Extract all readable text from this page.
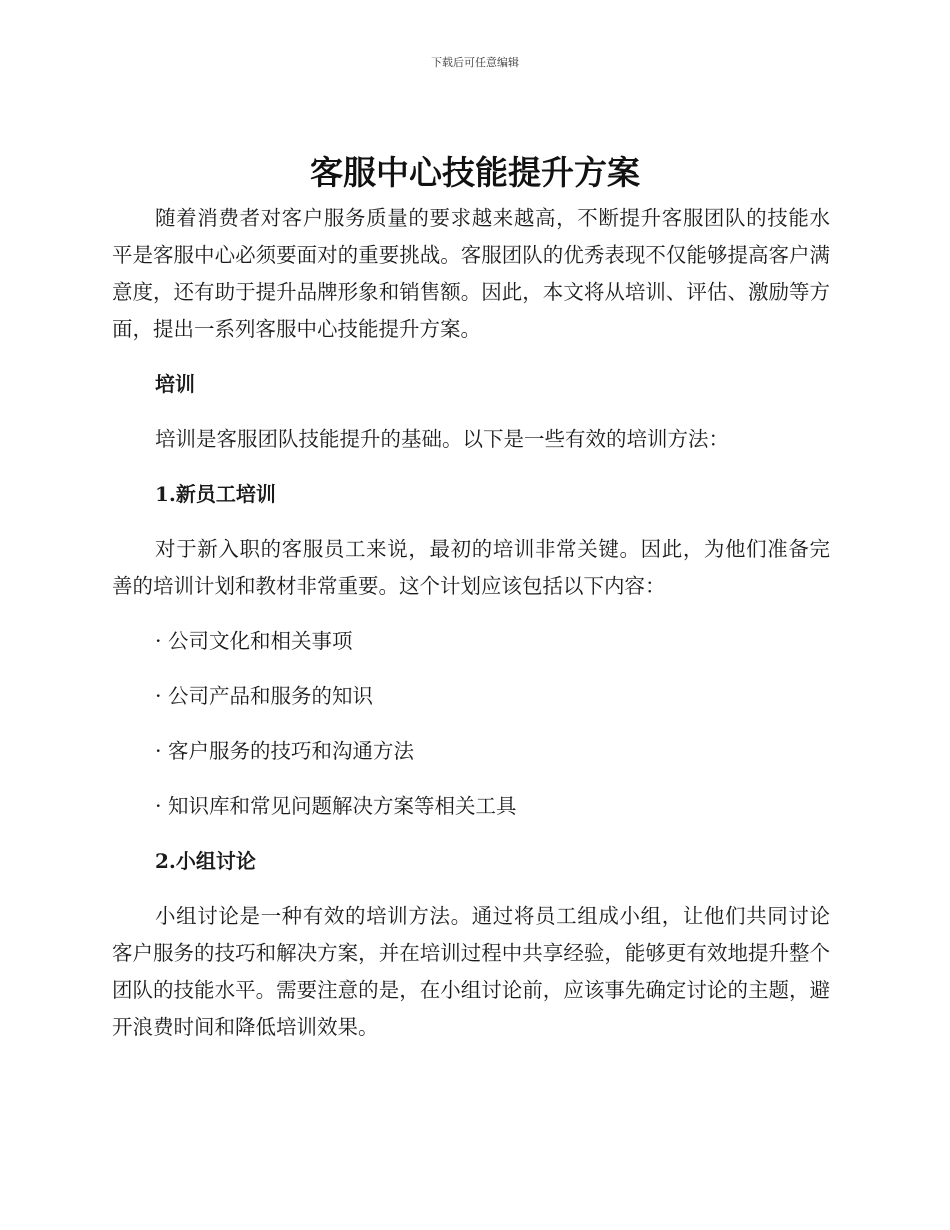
下载后可任意编辑
客服中心技能提升方案

随着消费者对客户服务质量的要求越来越高，不断提升客服团队的技能水平是客服中心必须要面对的重要挑战。客服团队的优秀表现不仅能够提高客户满意度，还有助于提升品牌形象和销售额。因此，本文将从培训、评估、激励等方面，提出一系列客服中心技能提升方案。

培训

培训是客服团队技能提升的基础。以下是一些有效的培训方法：

1.新员工培训

对于新入职的客服员工来说，最初的培训非常关键。因此，为他们准备完善的培训计划和教材非常重要。这个计划应该包括以下内容：

· 公司文化和相关事项

· 公司产品和服务的知识

· 客户服务的技巧和沟通方法

· 知识库和常见问题解决方案等相关工具

2.小组讨论

小组讨论是一种有效的培训方法。通过将员工组成小组，让他们共同讨论客户服务的技巧和解决方案，并在培训过程中共享经验，能够更有效地提升整个团队的技能水平。需要注意的是，在小组讨论前，应该事先确定讨论的主题，避开浪费时间和降低培训效果。
